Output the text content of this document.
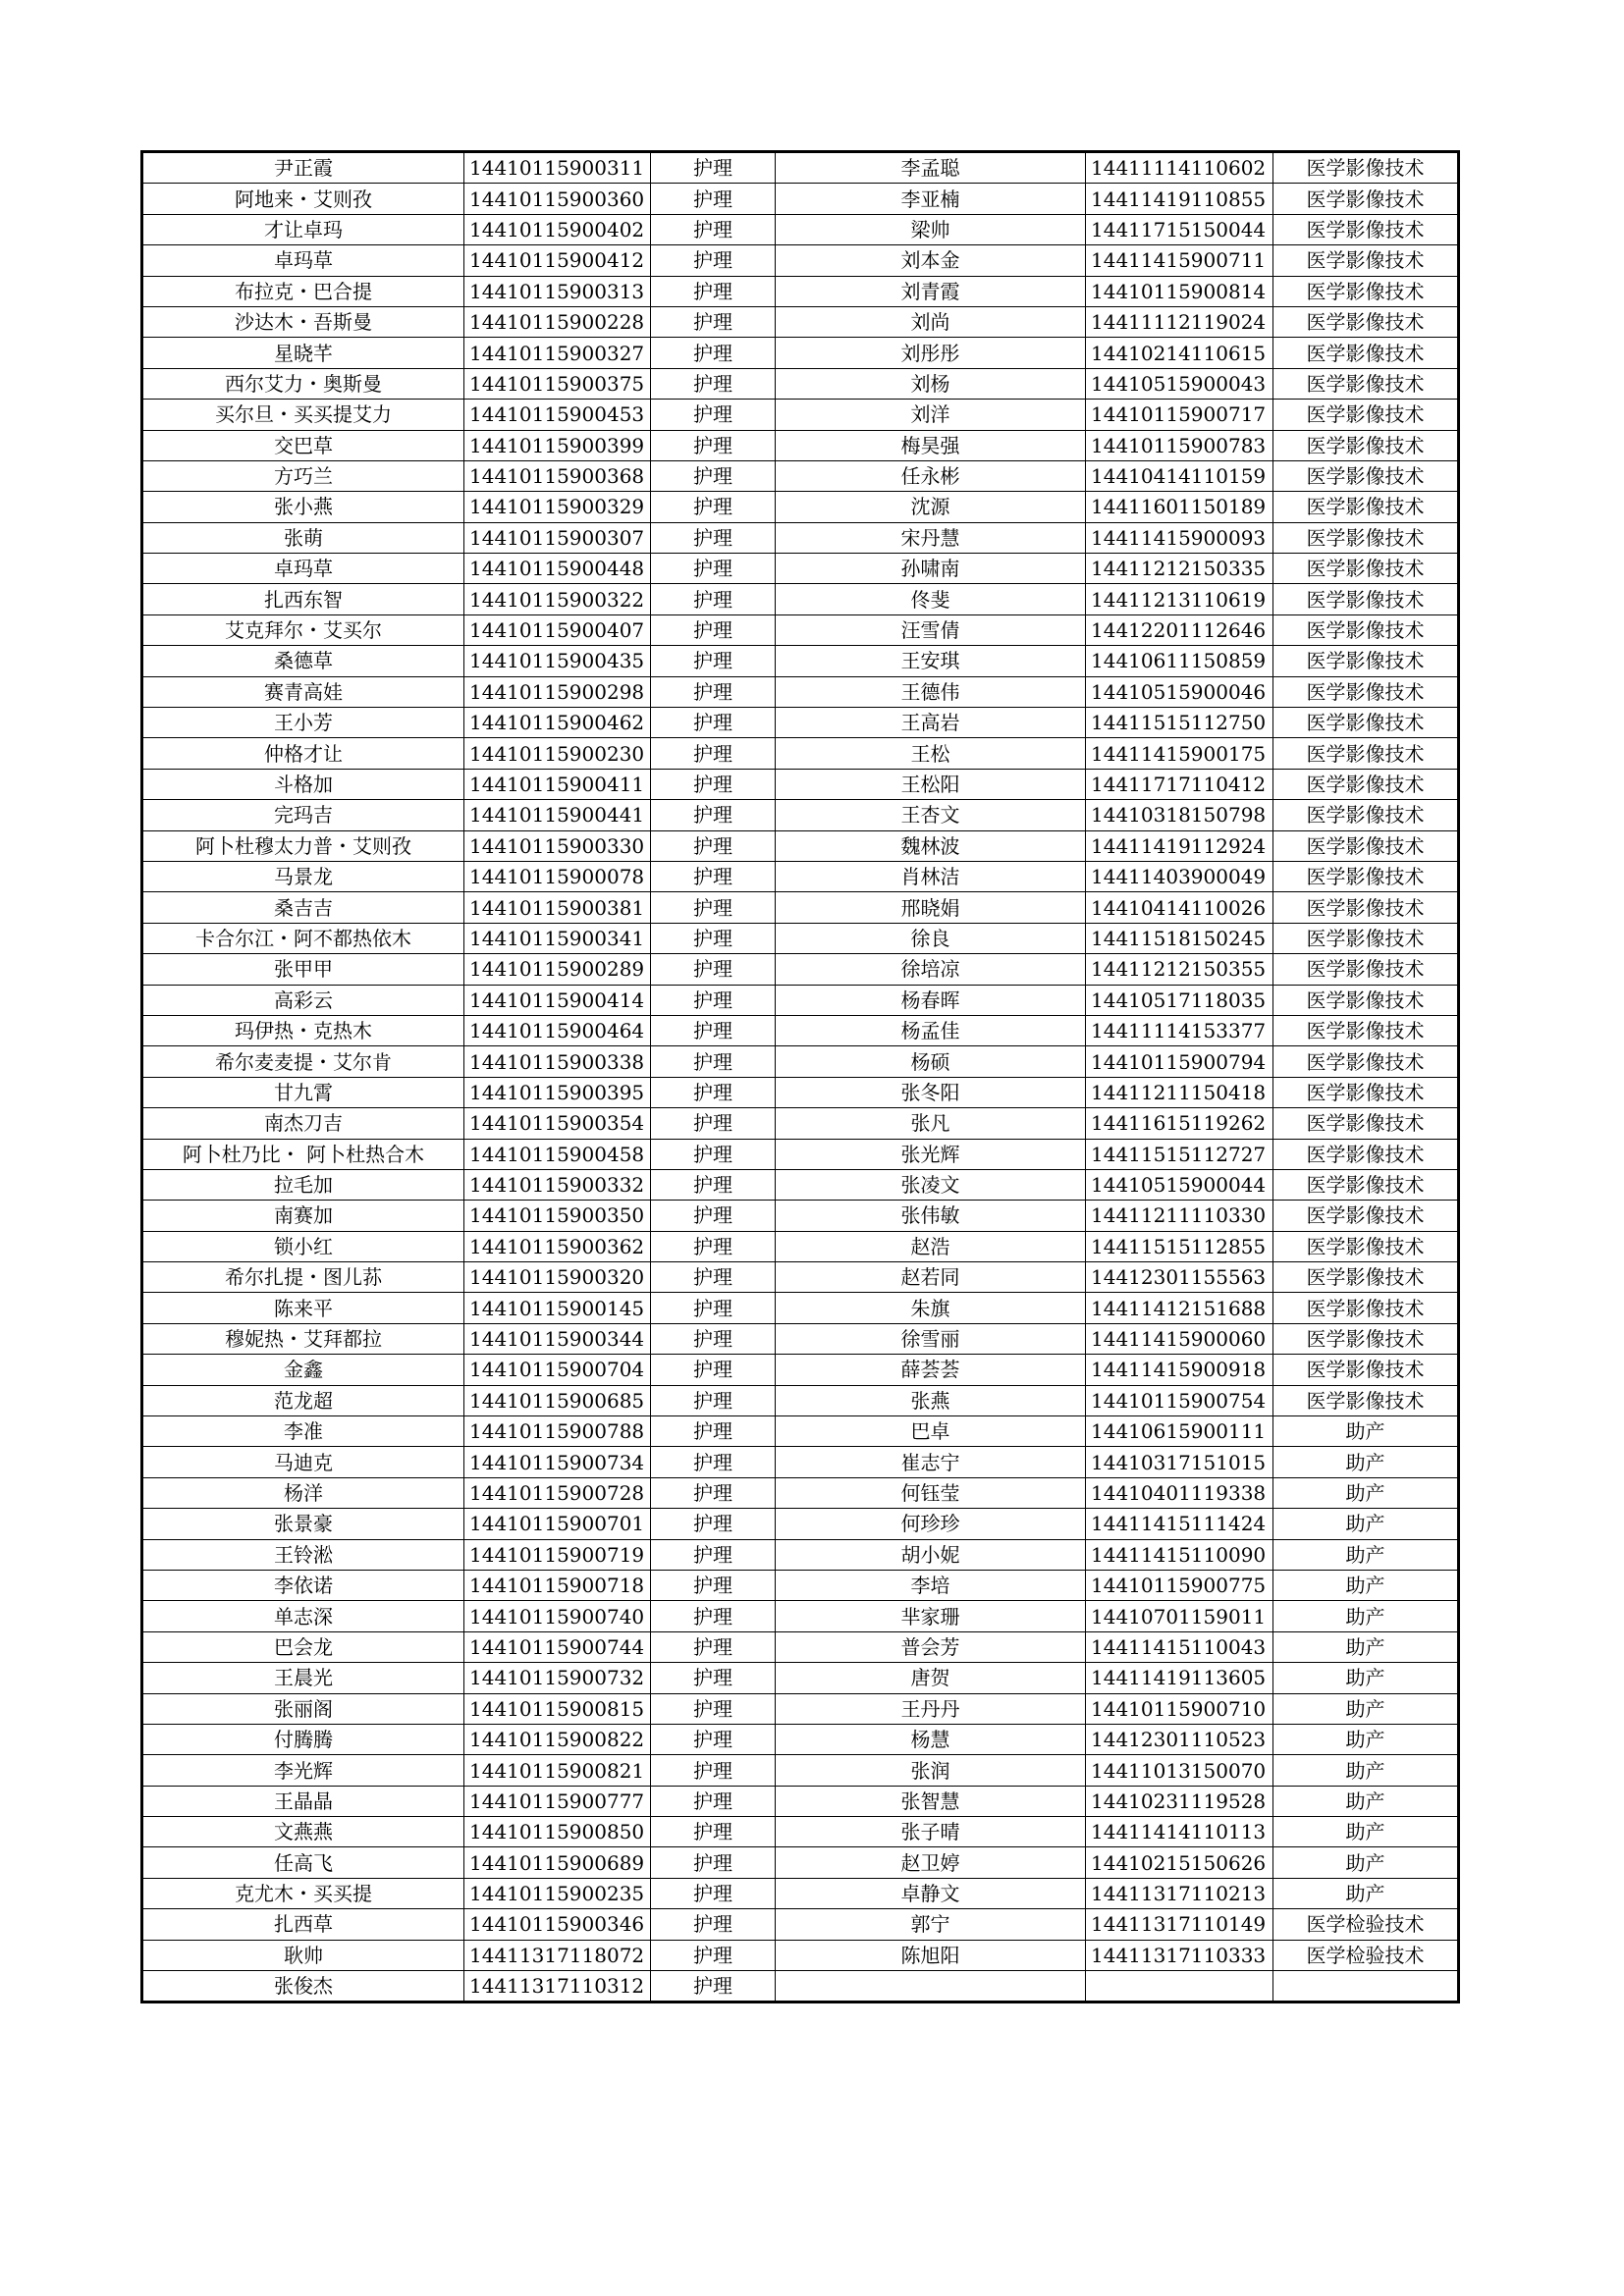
尹正霞	14410115900311	护理	李孟聪	14411114110602	医学影像技术
阿地来・艾则孜	14410115900360	护理	李亚楠	14411419110855	医学影像技术
才让卓玛	14410115900402	护理	梁帅	14411715150044	医学影像技术
卓玛草	14410115900412	护理	刘本金	14411415900711	医学影像技术
布拉克・巴合提	14410115900313	护理	刘青霞	14410115900814	医学影像技术
沙达木・吾斯曼	14410115900228	护理	刘尚	14411112119024	医学影像技术
星晓芊	14410115900327	护理	刘彤彤	14410214110615	医学影像技术
西尔艾力・奥斯曼	14410115900375	护理	刘杨	14410515900043	医学影像技术
买尔旦・买买提艾力	14410115900453	护理	刘洋	14410115900717	医学影像技术
交巴草	14410115900399	护理	梅昊强	14410115900783	医学影像技术
方巧兰	14410115900368	护理	任永彬	14410414110159	医学影像技术
张小燕	14410115900329	护理	沈源	14411601150189	医学影像技术
张萌	14410115900307	护理	宋丹慧	14411415900093	医学影像技术
卓玛草	14410115900448	护理	孙啸南	14411212150335	医学影像技术
扎西东智	14410115900322	护理	佟斐	14411213110619	医学影像技术
艾克拜尔・艾买尔	14410115900407	护理	汪雪倩	14412201112646	医学影像技术
桑德草	14410115900435	护理	王安琪	14410611150859	医学影像技术
赛青高娃	14410115900298	护理	王德伟	14410515900046	医学影像技术
王小芳	14410115900462	护理	王高岩	14411515112750	医学影像技术
仲格才让	14410115900230	护理	王松	14411415900175	医学影像技术
斗格加	14410115900411	护理	王松阳	14411717110412	医学影像技术
完玛吉	14410115900441	护理	王杏文	14410318150798	医学影像技术
阿卜杜穆太力普・艾则孜	14410115900330	护理	魏林波	14411419112924	医学影像技术
马景龙	14410115900078	护理	肖林洁	14411403900049	医学影像技术
桑吉吉	14410115900381	护理	邢晓娟	14410414110026	医学影像技术
卡合尔江・阿不都热依木	14410115900341	护理	徐良	14411518150245	医学影像技术
张甲甲	14410115900289	护理	徐培凉	14411212150355	医学影像技术
高彩云	14410115900414	护理	杨春晖	14410517118035	医学影像技术
玛伊热・克热木	14410115900464	护理	杨孟佳	14411114153377	医学影像技术
希尔麦麦提・艾尔肯	14410115900338	护理	杨硕	14410115900794	医学影像技术
甘九霄	14410115900395	护理	张冬阳	14411211150418	医学影像技术
南杰刀吉	14410115900354	护理	张凡	14411615119262	医学影像技术
阿卜杜乃比・ 阿卜杜热合木	14410115900458	护理	张光辉	14411515112727	医学影像技术
拉毛加	14410115900332	护理	张凌文	14410515900044	医学影像技术
南赛加	14410115900350	护理	张伟敏	14411211110330	医学影像技术
锁小红	14410115900362	护理	赵浩	14411515112855	医学影像技术
希尔扎提・图儿荪	14410115900320	护理	赵若同	14412301155563	医学影像技术
陈来平	14410115900145	护理	朱旗	14411412151688	医学影像技术
穆妮热・艾拜都拉	14410115900344	护理	徐雪丽	14411415900060	医学影像技术
金鑫	14410115900704	护理	薛荟荟	14411415900918	医学影像技术
范龙超	14410115900685	护理	张燕	14410115900754	医学影像技术
李准	14410115900788	护理	巴卓	14410615900111	助产
马迪克	14410115900734	护理	崔志宁	14410317151015	助产
杨洋	14410115900728	护理	何钰莹	14410401119338	助产
张景豪	14410115900701	护理	何珍珍	14411415111424	助产
王铃淞	14410115900719	护理	胡小妮	14411415110090	助产
李依诺	14410115900718	护理	李培	14410115900775	助产
单志深	14410115900740	护理	芈家珊	14410701159011	助产
巴会龙	14410115900744	护理	普会芳	14411415110043	助产
王晨光	14410115900732	护理	唐贺	14411419113605	助产
张丽阁	14410115900815	护理	王丹丹	14410115900710	助产
付腾腾	14410115900822	护理	杨慧	14412301110523	助产
李光辉	14410115900821	护理	张润	14411013150070	助产
王晶晶	14410115900777	护理	张智慧	14410231119528	助产
文燕燕	14410115900850	护理	张子晴	14411414110113	助产
任高飞	14410115900689	护理	赵卫婷	14410215150626	助产
克尤木・买买提	14410115900235	护理	卓静文	14411317110213	助产
扎西草	14410115900346	护理	郭宁	14411317110149	医学检验技术
耿帅	14411317118072	护理	陈旭阳	14411317110333	医学检验技术
张俊杰	14411317110312	护理			
